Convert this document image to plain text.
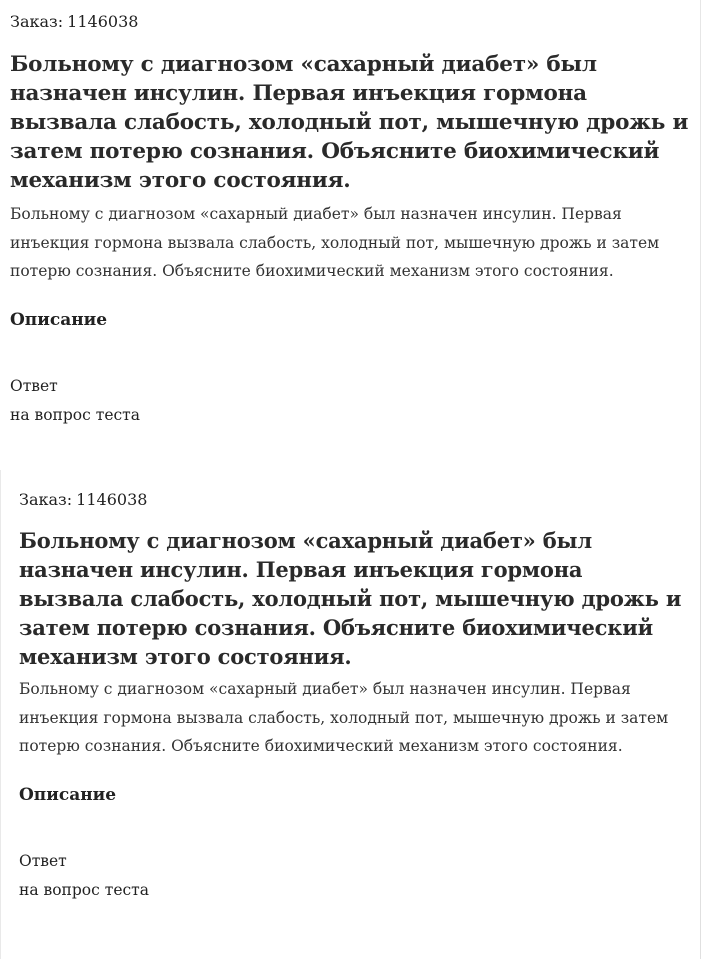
Заказ: 1146038

Больному с диагнозом «сахарный диабет» был назначен инсулин. Первая инъекция гормона вызвала слабость, холодный пот, мышечную дрожь и затем потерю сознания. Объясните биохимический механизм этого состояния.

Больному с диагнозом «сахарный диабет» был назначен инсулин. Первая инъекция гормона вызвала слабость, холодный пот, мышечную дрожь и затем потерю сознания. Объясните биохимический механизм этого состояния.

Описание
Ответ
на вопрос теста

Заказ: 1146038

Больному с диагнозом «сахарный диабет» был назначен инсулин. Первая инъекция гормона вызвала слабость, холодный пот, мышечную дрожь и затем потерю сознания. Объясните биохимический механизм этого состояния.

Больному с диагнозом «сахарный диабет» был назначен инсулин. Первая инъекция гормона вызвала слабость, холодный пот, мышечную дрожь и затем потерю сознания. Объясните биохимический механизм этого состояния.

Описание
Ответ
на вопрос теста
